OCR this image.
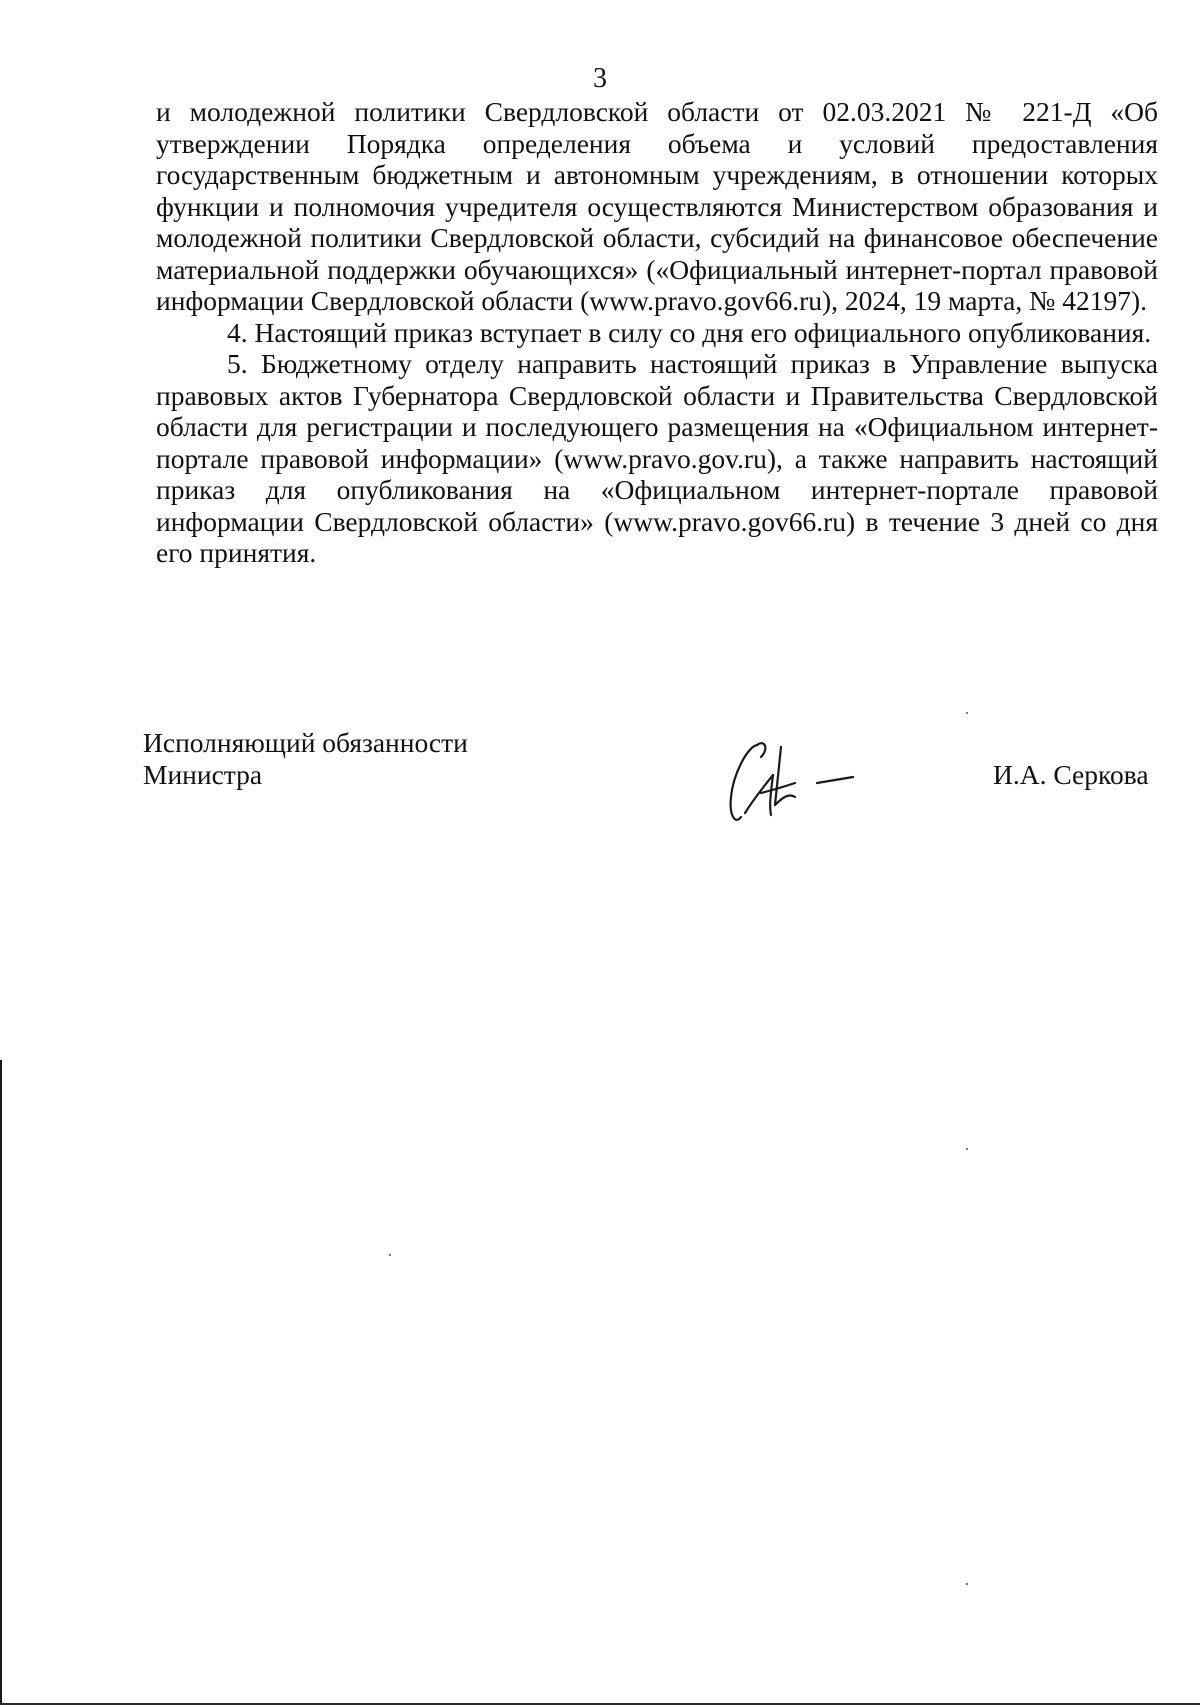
3

и молодежной политики Свердловской области от 02.03.2021 № 221-Д «Об утверждении Порядка определения объема и условий предоставления государственным бюджетным и автономным учреждениям, в отношении которых функции и полномочия учредителя осуществляются Министерством образования и молодежной политики Свердловской области, субсидий на финансовое обеспечение материальной поддержки обучающихся» («Официальный интернет-портал правовой информации Свердловской области (www.pravo.gov66.ru), 2024, 19 марта, № 42197).

4. Настоящий приказ вступает в силу со дня его официального опубликования.

5. Бюджетному отделу направить настоящий приказ в Управление выпуска правовых актов Губернатора Свердловской области и Правительства Свердловской области для регистрации и последующего размещения на «Официальном интернет-портале правовой информации» (www.pravo.gov.ru), а также направить настоящий приказ для опубликования на «Официальном интернет-портале правовой информации Свердловской области» (www.pravo.gov66.ru) в течение 3 дней со дня его принятия.

Исполняющий обязанности
Министра	И.А. Серкова
